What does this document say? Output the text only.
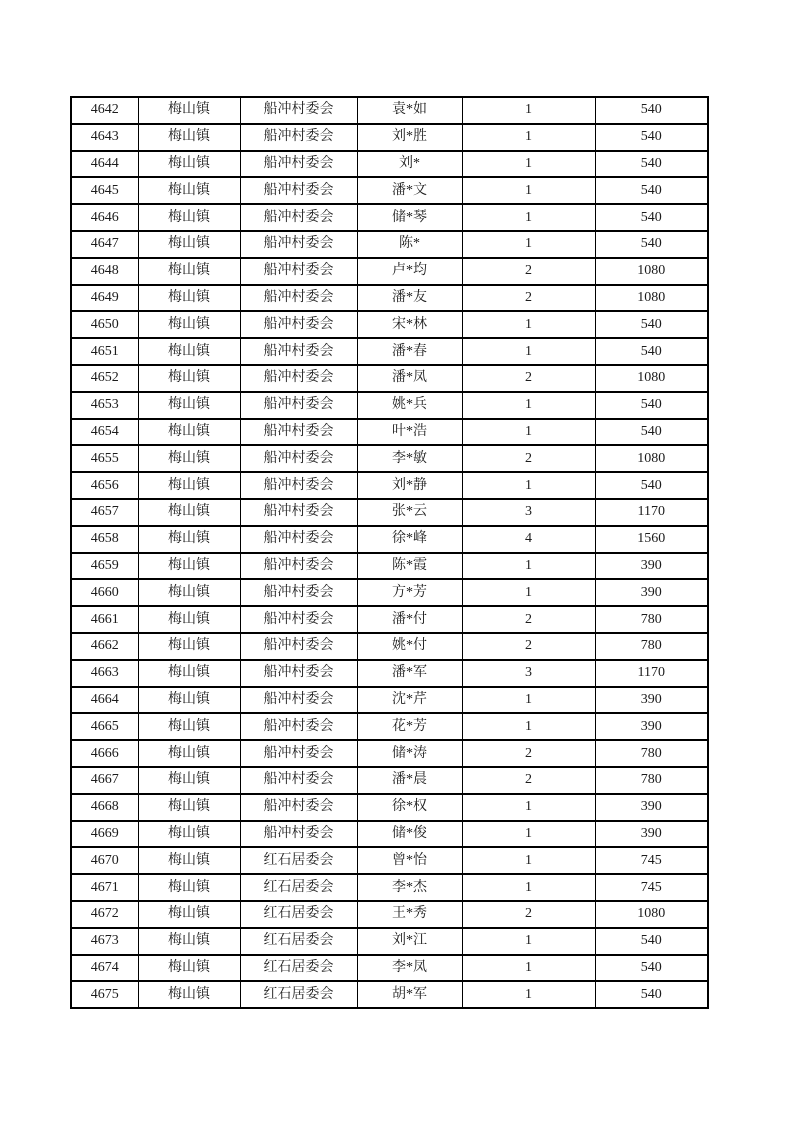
4642	梅山镇	船冲村委会	袁*如	1	540
4643	梅山镇	船冲村委会	刘*胜	1	540
4644	梅山镇	船冲村委会	刘*	1	540
4645	梅山镇	船冲村委会	潘*文	1	540
4646	梅山镇	船冲村委会	储*琴	1	540
4647	梅山镇	船冲村委会	陈*	1	540
4648	梅山镇	船冲村委会	卢*均	2	1080
4649	梅山镇	船冲村委会	潘*友	2	1080
4650	梅山镇	船冲村委会	宋*林	1	540
4651	梅山镇	船冲村委会	潘*春	1	540
4652	梅山镇	船冲村委会	潘*凤	2	1080
4653	梅山镇	船冲村委会	姚*兵	1	540
4654	梅山镇	船冲村委会	叶*浩	1	540
4655	梅山镇	船冲村委会	李*敏	2	1080
4656	梅山镇	船冲村委会	刘*静	1	540
4657	梅山镇	船冲村委会	张*云	3	1170
4658	梅山镇	船冲村委会	徐*峰	4	1560
4659	梅山镇	船冲村委会	陈*霞	1	390
4660	梅山镇	船冲村委会	方*芳	1	390
4661	梅山镇	船冲村委会	潘*付	2	780
4662	梅山镇	船冲村委会	姚*付	2	780
4663	梅山镇	船冲村委会	潘*军	3	1170
4664	梅山镇	船冲村委会	沈*芹	1	390
4665	梅山镇	船冲村委会	花*芳	1	390
4666	梅山镇	船冲村委会	储*涛	2	780
4667	梅山镇	船冲村委会	潘*晨	2	780
4668	梅山镇	船冲村委会	徐*权	1	390
4669	梅山镇	船冲村委会	储*俊	1	390
4670	梅山镇	红石居委会	曾*怡	1	745
4671	梅山镇	红石居委会	李*杰	1	745
4672	梅山镇	红石居委会	王*秀	2	1080
4673	梅山镇	红石居委会	刘*江	1	540
4674	梅山镇	红石居委会	李*凤	1	540
4675	梅山镇	红石居委会	胡*军	1	540
